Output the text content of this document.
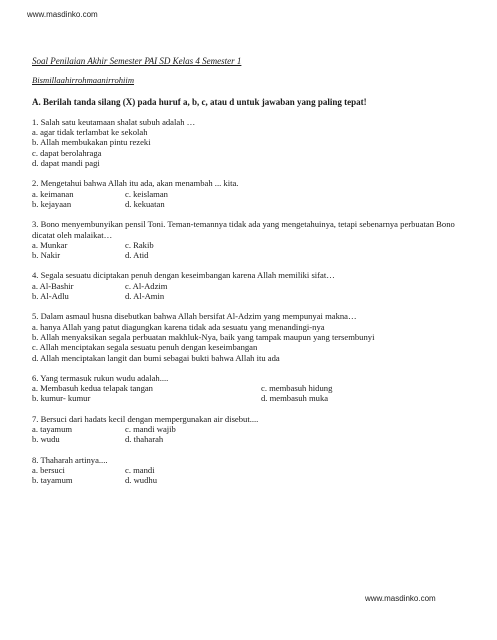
www.masdinko.com
Soal Penilaian Akhir Semester PAI SD Kelas 4 Semester 1
Bismillaahirrohmaanirrohiim
A. Berilah tanda silang (X) pada huruf a, b, c, atau d untuk jawaban yang paling tepat!
1. Salah satu keutamaan shalat subuh adalah …
a. agar tidak terlambat ke sekolah
b. Allah membukakan pintu rezeki
c. dapat berolahraga
d. dapat mandi pagi
2. Mengetahui bahwa Allah itu ada, akan menambah ... kita.
a. keimanan	c. keislaman
b. kejayaan	d. kekuatan
3. Bono menyembunyikan pensil Toni. Teman-temannya tidak ada yang mengetahuinya, tetapi sebenarnya perbuatan Bono dicatat oleh malaikat…
a. Munkar	c. Rakib
b. Nakir	d. Atid
4. Segala sesuatu diciptakan penuh dengan keseimbangan karena Allah memiliki sifat…
a. Al-Bashir	c. Al-Adzim
b. Al-Adlu	d. Al-Amin
5. Dalam asmaul husna disebutkan bahwa Allah bersifat Al-Adzim yang mempunyai makna…
a. hanya Allah yang patut diagungkan karena tidak ada sesuatu yang menandingi-nya
b. Allah menyaksikan segala perbuatan makhluk-Nya, baik yang tampak maupun yang tersembunyi
c. Allah menciptakan segala sesuatu penuh dengan keseimbangan
d. Allah menciptakan langit dan bumi sebagai bukti bahwa Allah itu ada
6. Yang termasuk rukun wudu adalah....
a. Membasuh kedua telapak tangan	c. membasuh hidung
b. kumur- kumur	d. membasuh muka
7. Bersuci dari hadats kecil dengan mempergunakan air disebut....
a. tayamum	c. mandi wajib
b. wudu	d. thaharah
8. Thaharah artinya....
a. bersuci	c. mandi
b. tayamum	d. wudhu
www.masdinko.com
